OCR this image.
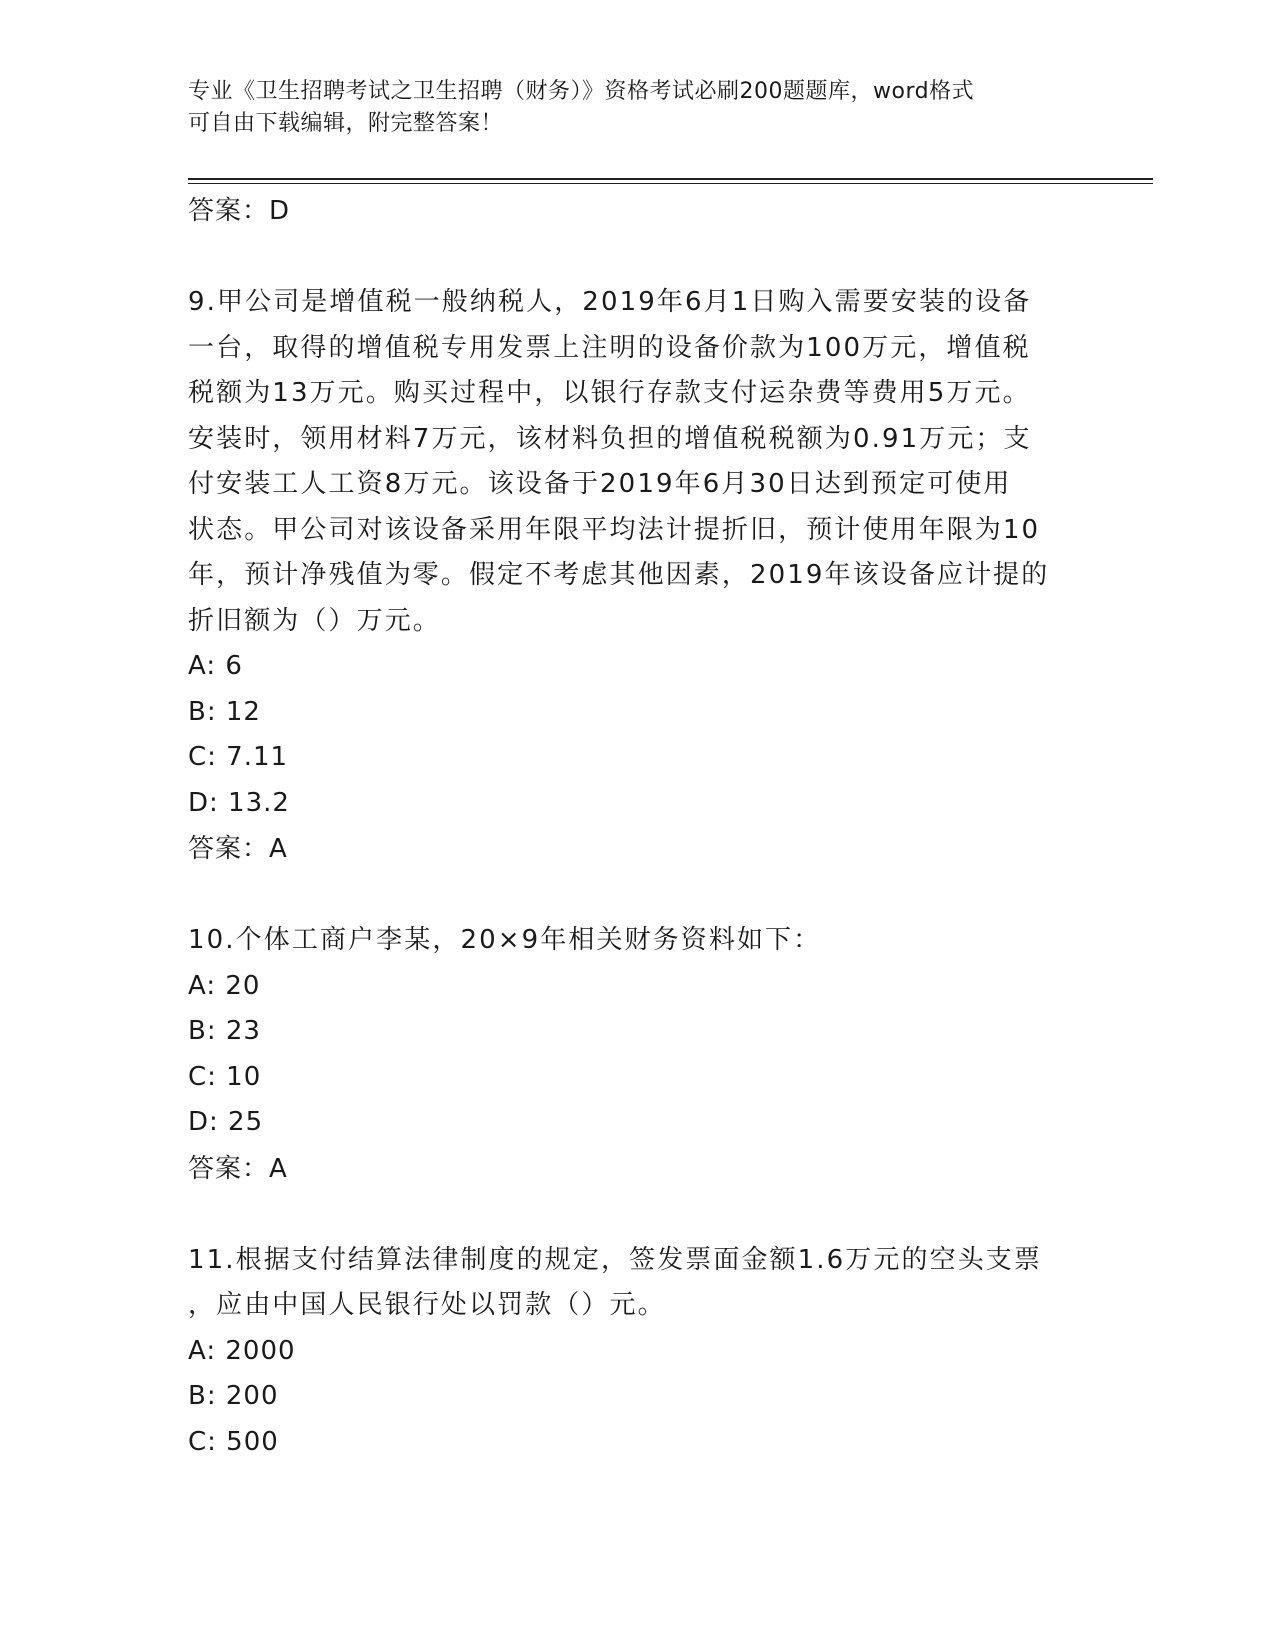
专业《卫生招聘考试之卫生招聘（财务）》资格考试必刷200题题库，word格式
可自由下载编辑，附完整答案！

答案：D

9.甲公司是增值税一般纳税人，2019年6月1日购入需要安装的设备

一台，取得的增值税专用发票上注明的设备价款为100万元，增值税

税额为13万元。购买过程中，以银行存款支付运杂费等费用5万元。

安装时，领用材料7万元，该材料负担的增值税税额为0.91万元；支

付安装工人工资8万元。该设备于2019年6月30日达到预定可使用

状态。甲公司对该设备采用年限平均法计提折旧，预计使用年限为10

年，预计净残值为零。假定不考虑其他因素，2019年该设备应计提的

折旧额为（）万元。

A: 6

B: 12

C: 7.11

D: 13.2

答案：A

10.个体工商户李某，20×9年相关财务资料如下：

A: 20

B: 23

C: 10

D: 25

答案：A

11.根据支付结算法律制度的规定，签发票面金额1.6万元的空头支票

，应由中国人民银行处以罚款（）元。

A: 2000

B: 200

C: 500
